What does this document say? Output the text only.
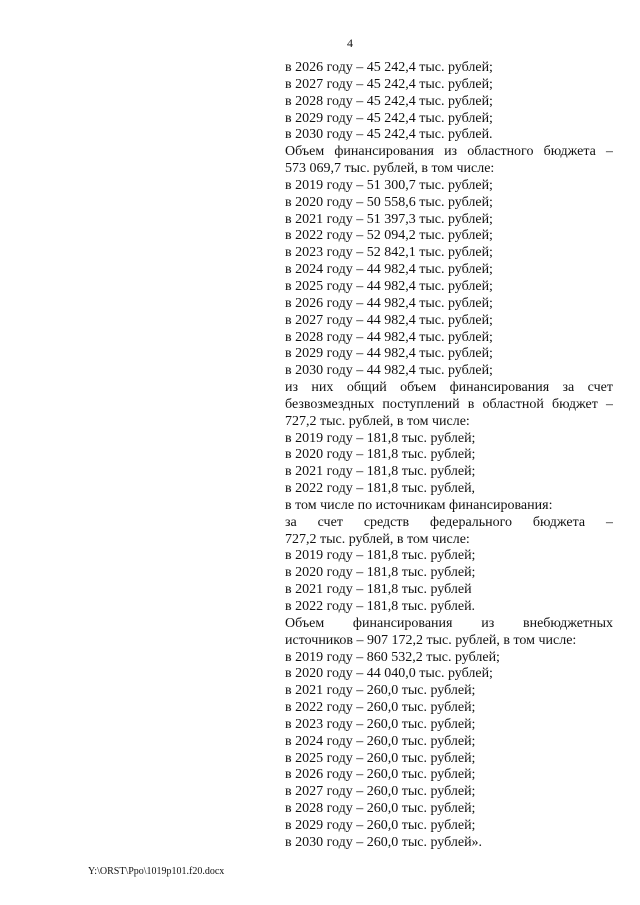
4
в 2026 году – 45 242,4 тыс. рублей;
в 2027 году – 45 242,4 тыс. рублей;
в 2028 году – 45 242,4 тыс. рублей;
в 2029 году – 45 242,4 тыс. рублей;
в 2030 году – 45 242,4 тыс. рублей.
Объем финансирования из областного бюджета –
573 069,7 тыс. рублей, в том числе:
в 2019 году – 51 300,7 тыс. рублей;
в 2020 году – 50 558,6 тыс. рублей;
в 2021 году – 51 397,3 тыс. рублей;
в 2022 году – 52 094,2 тыс. рублей;
в 2023 году – 52 842,1 тыс. рублей;
в 2024 году – 44 982,4 тыс. рублей;
в 2025 году – 44 982,4 тыс. рублей;
в 2026 году – 44 982,4 тыс. рублей;
в 2027 году – 44 982,4 тыс. рублей;
в 2028 году – 44 982,4 тыс. рублей;
в 2029 году – 44 982,4 тыс. рублей;
в 2030 году – 44 982,4 тыс. рублей;
из них общий объем финансирования за счет
безвозмездных поступлений в областной бюджет –
727,2 тыс. рублей, в том числе:
в 2019 году – 181,8 тыс. рублей;
в 2020 году – 181,8 тыс. рублей;
в 2021 году – 181,8 тыс. рублей;
в 2022 году – 181,8 тыс. рублей,
в том числе по источникам финансирования:
за счет средств федерального бюджета –
727,2 тыс. рублей, в том числе:
в 2019 году – 181,8 тыс. рублей;
в 2020 году – 181,8 тыс. рублей;
в 2021 году – 181,8 тыс. рублей
в 2022 году – 181,8 тыс. рублей.
Объем финансирования из внебюджетных
источников – 907 172,2 тыс. рублей, в том числе:
в 2019 году – 860 532,2 тыс. рублей;
в 2020 году – 44 040,0 тыс. рублей;
в 2021 году – 260,0 тыс. рублей;
в 2022 году – 260,0 тыс. рублей;
в 2023 году – 260,0 тыс. рублей;
в 2024 году – 260,0 тыс. рублей;
в 2025 году – 260,0 тыс. рублей;
в 2026 году – 260,0 тыс. рублей;
в 2027 году – 260,0 тыс. рублей;
в 2028 году – 260,0 тыс. рублей;
в 2029 году – 260,0 тыс. рублей;
в 2030 году – 260,0 тыс. рублей».
Y:\ORST\Ppo\1019p101.f20.docx
